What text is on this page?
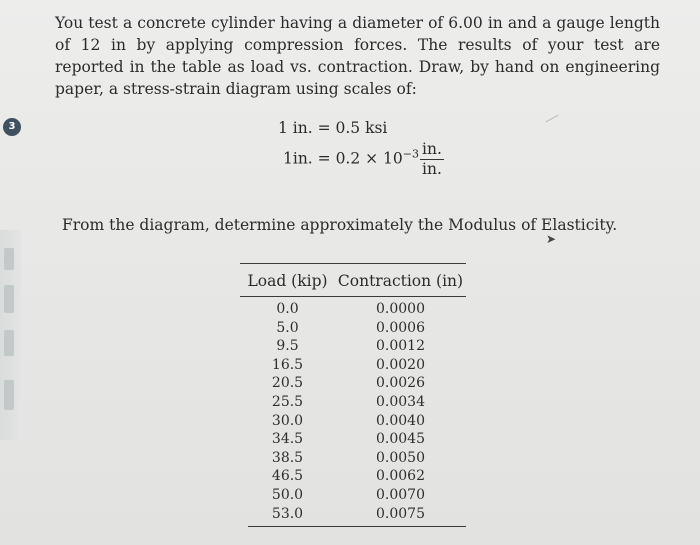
3
You test a concrete cylinder having a diameter of 6.00 in and a gauge length of 12 in by applying compression forces. The results of your test are reported in the table as load vs. contraction. Draw, by hand on engineering paper, a stress-strain diagram using scales of:
1 in. = 0.5 ksi
1in. = $0.2 \times 10^{-3} \frac{in.}{in.}$
From the diagram, determine approximately the Modulus of Elasticity.
➤
Load (kip) Contraction (in)
0.0	0.0000
5.0	0.0006
9.5	0.0012
16.5	0.0020
20.5	0.0026
25.5	0.0034
30.0	0.0040
34.5	0.0045
38.5	0.0050
46.5	0.0062
50.0	0.0070
53.0	0.0075
